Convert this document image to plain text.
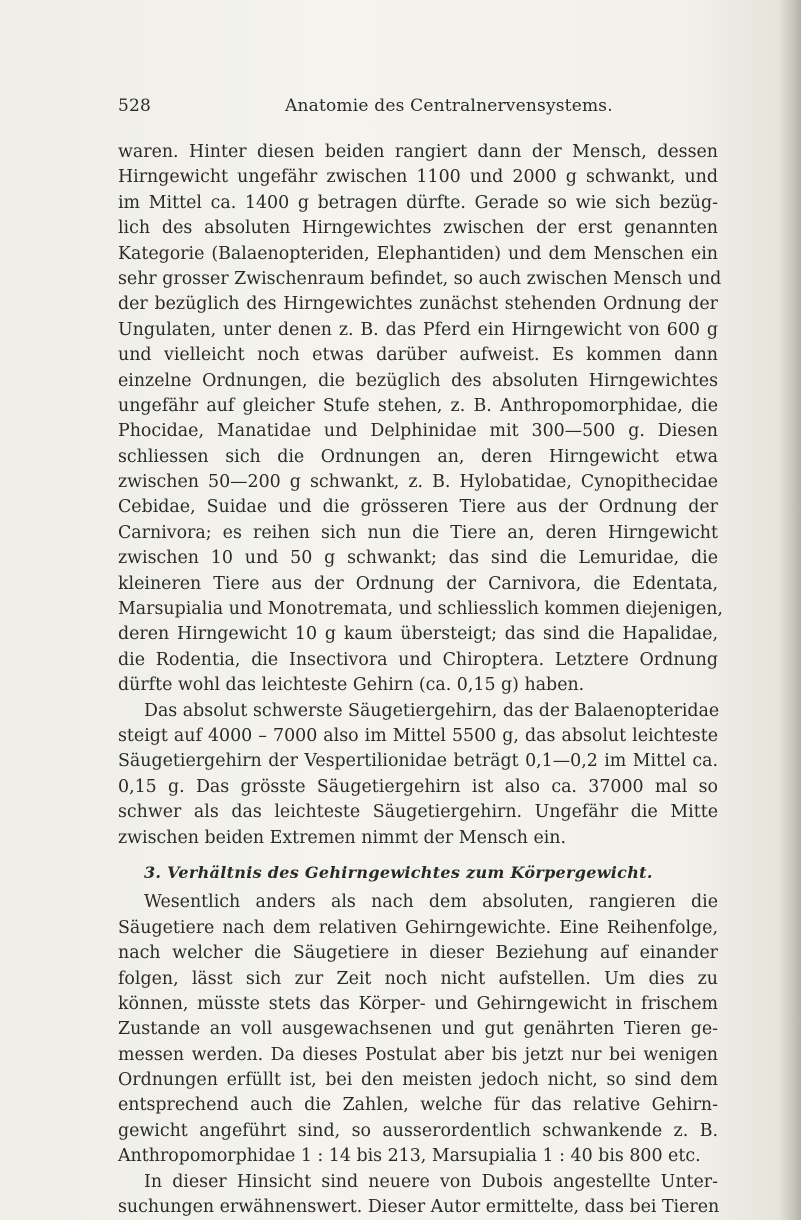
528	Anatomie des Centralnervensystems.
waren. Hinter diesen beiden rangiert dann der Mensch, dessen
Hirngewicht ungefähr zwischen 1100 und 2000 g schwankt, und
im Mittel ca. 1400 g betragen dürfte. Gerade so wie sich bezüg-
lich des absoluten Hirngewichtes zwischen der erst genannten
Kategorie (Balaenopteriden, Elephantiden) und dem Menschen ein
sehr grosser Zwischenraum befindet, so auch zwischen Mensch und
der bezüglich des Hirngewichtes zunächst stehenden Ordnung der
Ungulaten, unter denen z. B. das Pferd ein Hirngewicht von 600 g
und vielleicht noch etwas darüber aufweist. Es kommen dann
einzelne Ordnungen, die bezüglich des absoluten Hirngewichtes
ungefähr auf gleicher Stufe stehen, z. B. Anthropomorphidae, die
Phocidae, Manatidae und Delphinidae mit 300—500 g. Diesen
schliessen sich die Ordnungen an, deren Hirngewicht etwa
zwischen 50—200 g schwankt, z. B. Hylobatidae, Cynopithecidae
Cebidae, Suidae und die grösseren Tiere aus der Ordnung der
Carnivora; es reihen sich nun die Tiere an, deren Hirngewicht
zwischen 10 und 50 g schwankt; das sind die Lemuridae, die
kleineren Tiere aus der Ordnung der Carnivora, die Edentata,
Marsupialia und Monotremata, und schliesslich kommen diejenigen,
deren Hirngewicht 10 g kaum übersteigt; das sind die Hapalidae,
die Rodentia, die Insectivora und Chiroptera. Letztere Ordnung
dürfte wohl das leichteste Gehirn (ca. 0,15 g) haben.
Das absolut schwerste Säugetiergehirn, das der Balaenopteridae
steigt auf 4000 – 7000 also im Mittel 5500 g, das absolut leichteste
Säugetiergehirn der Vespertilionidae beträgt 0,1—0,2 im Mittel ca.
0,15 g. Das grösste Säugetiergehirn ist also ca. 37000 mal so
schwer als das leichteste Säugetiergehirn. Ungefähr die Mitte
zwischen beiden Extremen nimmt der Mensch ein.
3. Verhältnis des Gehirngewichtes zum Körpergewicht.
Wesentlich anders als nach dem absoluten, rangieren die
Säugetiere nach dem relativen Gehirngewichte. Eine Reihenfolge,
nach welcher die Säugetiere in dieser Beziehung auf einander
folgen, lässt sich zur Zeit noch nicht aufstellen. Um dies zu
können, müsste stets das Körper- und Gehirngewicht in frischem
Zustande an voll ausgewachsenen und gut genährten Tieren ge-
messen werden. Da dieses Postulat aber bis jetzt nur bei wenigen
Ordnungen erfüllt ist, bei den meisten jedoch nicht, so sind dem
entsprechend auch die Zahlen, welche für das relative Gehirn-
gewicht angeführt sind, so ausserordentlich schwankende z. B.
Anthropomorphidae 1 : 14 bis 213, Marsupialia 1 : 40 bis 800 etc.
In dieser Hinsicht sind neuere von Dubois angestellte Unter-
suchungen erwähnenswert. Dieser Autor ermittelte, dass bei Tieren
